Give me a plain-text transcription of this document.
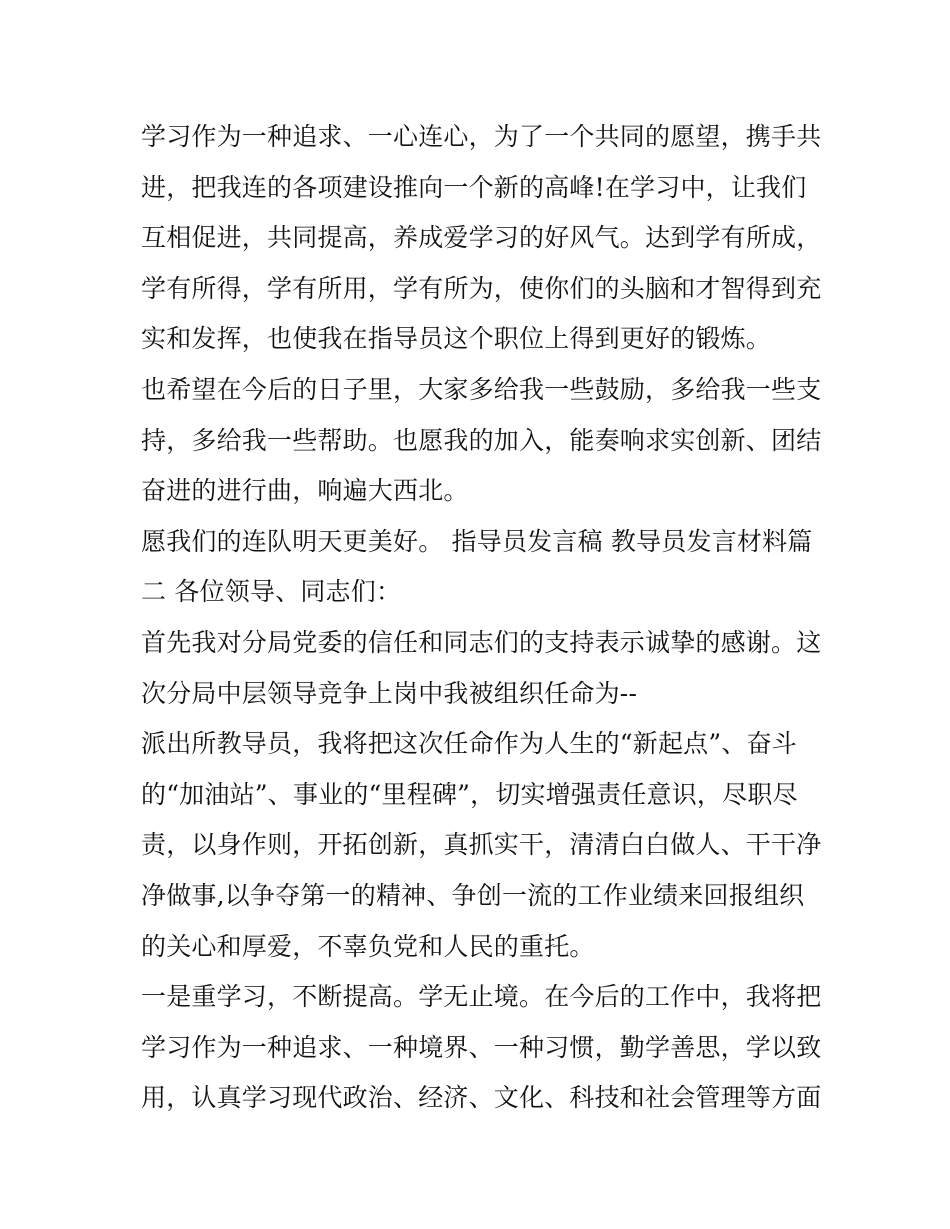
学习作为一种追求、一心连心，为了一个共同的愿望，携手共
进，把我连的各项建设推向一个新的高峰!在学习中，让我们
互相促进，共同提高，养成爱学习的好风气。达到学有所成，
学有所得，学有所用，学有所为，使你们的头脑和才智得到充
实和发挥，也使我在指导员这个职位上得到更好的锻炼。
也希望在今后的日子里，大家多给我一些鼓励，多给我一些支
持，多给我一些帮助。也愿我的加入，能奏响求实创新、团结
奋进的进行曲，响遍大西北。
愿我们的连队明天更美好。 指导员发言稿 教导员发言材料篇
二 各位领导、同志们：
首先我对分局党委的信任和同志们的支持表示诚挚的感谢。这
次分局中层领导竞争上岗中我被组织任命为--
派出所教导员，我将把这次任命作为人生的“新起点”、奋斗
的“加油站”、事业的“里程碑”，切实增强责任意识，尽职尽
责，以身作则，开拓创新，真抓实干，清清白白做人、干干净
净做事,以争夺第一的精神、争创一流的工作业绩来回报组织
的关心和厚爱，不辜负党和人民的重托。
一是重学习，不断提高。学无止境。在今后的工作中，我将把
学习作为一种追求、一种境界、一种习惯，勤学善思，学以致
用，认真学习现代政治、经济、文化、科技和社会管理等方面
